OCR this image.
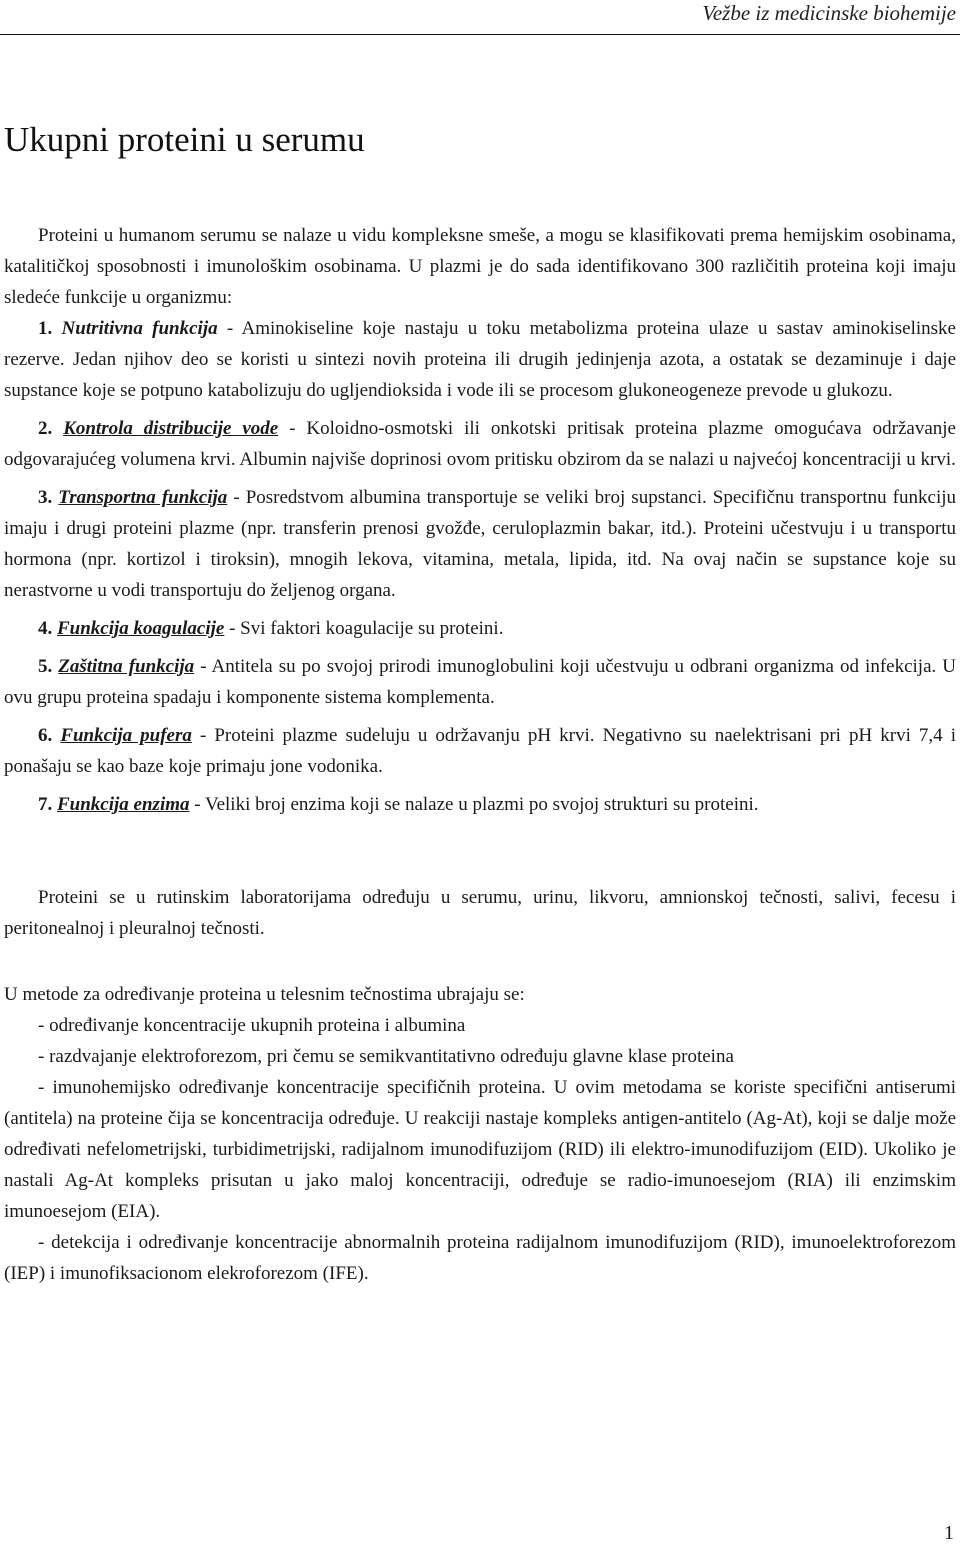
Vežbe iz medicinske biohemije
Ukupni proteini u serumu

Proteini u humanom serumu se nalaze u vidu kompleksne smeše, a mogu se klasifikovati prema hemijskim osobinama, katalitičkoj sposobnosti i imunološkim osobinama. U plazmi je do sada identifikovano 300 različitih proteina koji imaju sledeće funkcije u organizmu:

1. Nutritivna funkcija - Aminokiseline koje nastaju u toku metabolizma proteina ulaze u sastav aminokiselinske rezerve. Jedan njihov deo se koristi u sintezi novih proteina ili drugih jedinjenja azota, a ostatak se dezaminuje i daje supstance koje se potpuno katabolizuju do ugljendioksida i vode ili se procesom glukoneogeneze prevode u glukozu.

2. Kontrola distribucije vode - Koloidno-osmotski ili onkotski pritisak proteina plazme omogućava održavanje odgovarajućeg volumena krvi. Albumin najviše doprinosi ovom pritisku obzirom da se nalazi u najvećoj koncentraciji u krvi.

3. Transportna funkcija - Posredstvom albumina transportuje se veliki broj supstanci. Specifičnu transportnu funkciju imaju i drugi proteini plazme (npr. transferin prenosi gvožđe, ceruloplazmin bakar, itd.). Proteini učestvuju i u transportu hormona (npr. kortizol i tiroksin), mnogih lekova, vitamina, metala, lipida, itd. Na ovaj način se supstance koje su nerastvorne u vodi transportuju do željenog organa.

4. Funkcija koagulacije - Svi faktori koagulacije su proteini.

5. Zaštitna funkcija - Antitela su po svojoj prirodi imunoglobulini koji učestvuju u odbrani organizma od infekcija. U ovu grupu proteina spadaju i komponente sistema komplementa.

6. Funkcija pufera - Proteini plazme sudeluju u održavanju pH krvi. Negativno su naelektrisani pri pH krvi 7,4 i ponašaju se kao baze koje primaju jone vodonika.

7. Funkcija enzima - Veliki broj enzima koji se nalaze u plazmi po svojoj strukturi su proteini.

Proteini se u rutinskim laboratorijama određuju u serumu, urinu, likvoru, amnionskoj tečnosti, salivi, fecesu i peritonealnoj i pleuralnoj tečnosti.

U metode za određivanje proteina u telesnim tečnostima ubrajaju se:

- određivanje koncentracije ukupnih proteina i albumina

- razdvajanje elektroforezom, pri čemu se semikvantitativno određuju glavne klase proteina

- imunohemijsko određivanje koncentracije specifičnih proteina. U ovim metodama se koriste specifični antiserumi (antitela) na proteine čija se koncentracija određuje. U reakciji nastaje kompleks antigen-antitelo (Ag-At), koji se dalje može određivati nefelometrijski, turbidimetrijski, radijalnom imunodifuzijom (RID) ili elektro-imunodifuzijom (EID). Ukoliko je nastali Ag-At kompleks prisutan u jako maloj koncentraciji, određuje se radio-imunoesejom (RIA) ili enzimskim imunoesejom (EIA).

- detekcija i određivanje koncentracije abnormalnih proteina radijalnom imunodifuzijom (RID), imunoelektroforezom (IEP) i imunofiksacionom elekroforezom (IFE).

1
